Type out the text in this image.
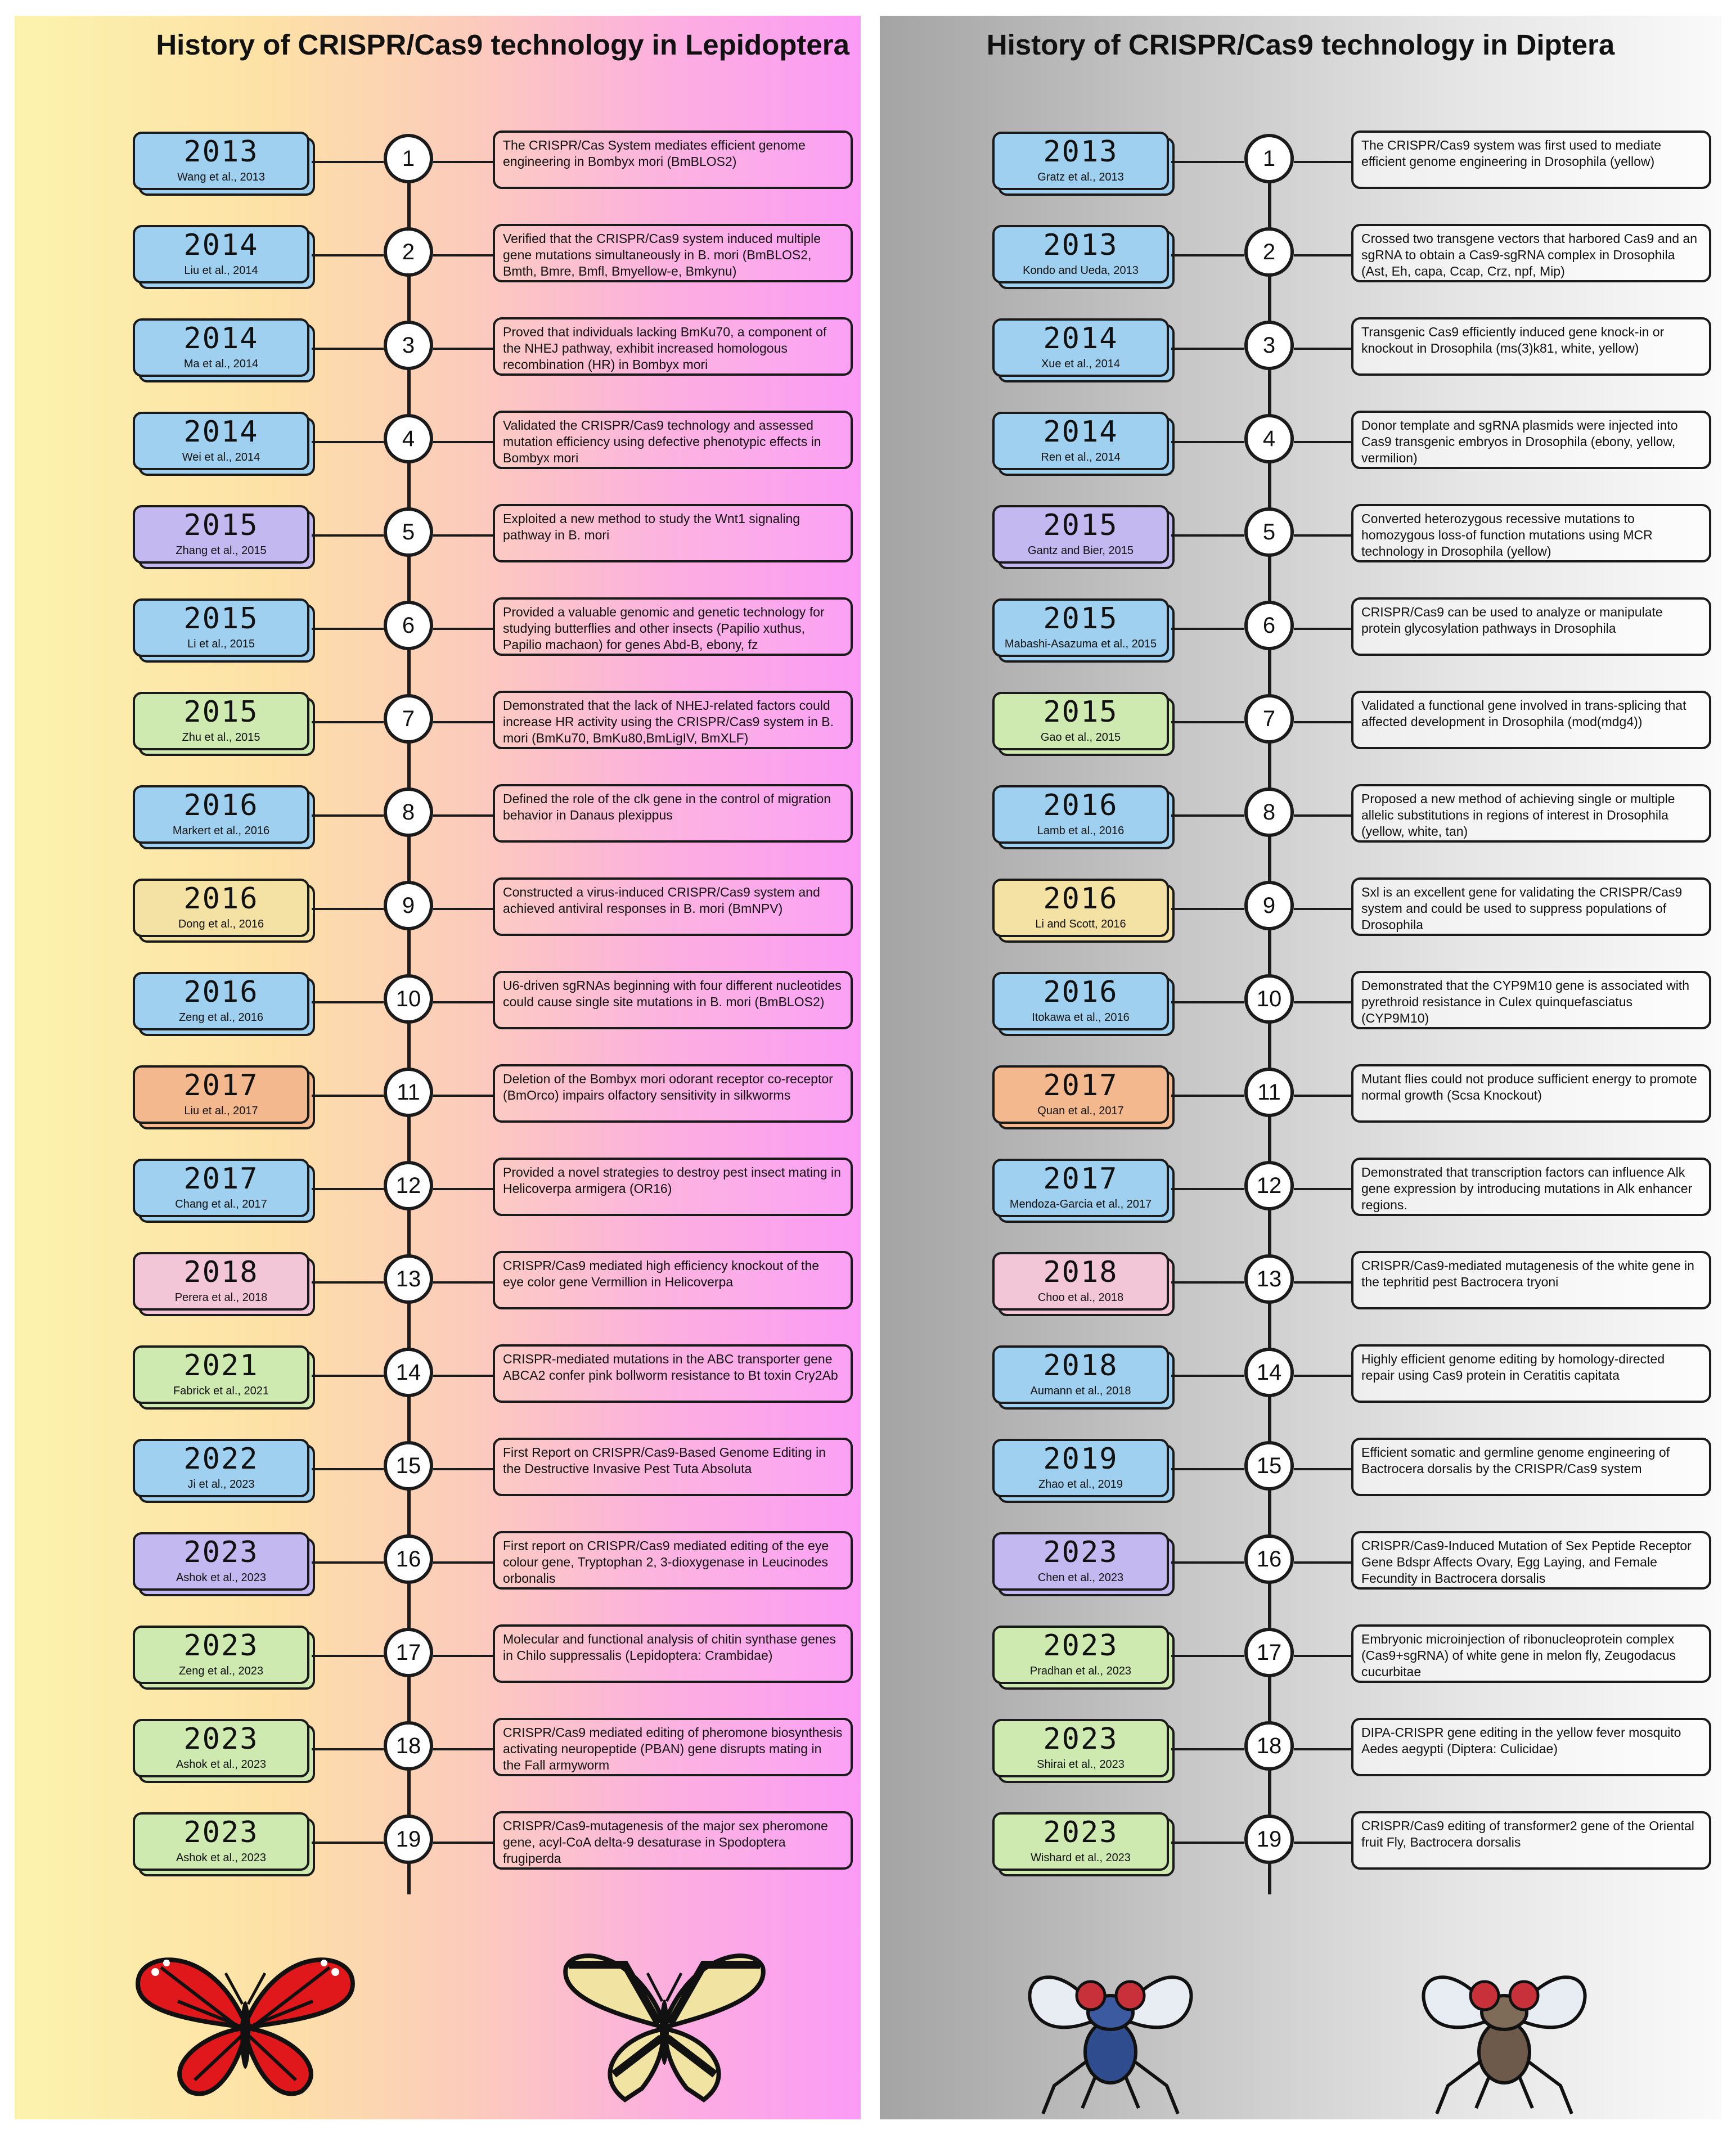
History of CRISPR/Cas9 technology in Lepidoptera
2013
Wang et al., 2013
1
The CRISPR/Cas System mediates efficient genome engineering in Bombyx mori (BmBLOS2)
2014
Liu et al., 2014
2
Verified that the CRISPR/Cas9 system induced multiple gene mutations simultaneously in B. mori (BmBLOS2, Bmth, Bmre, Bmfl, Bmyellow-e, Bmkynu)
2014
Ma et al., 2014
3
Proved that individuals lacking BmKu70, a component of the NHEJ pathway, exhibit increased homologous recombination (HR) in Bombyx mori
2014
Wei et al., 2014
4
Validated the CRISPR/Cas9 technology and assessed mutation efficiency using defective phenotypic effects in Bombyx mori
2015
Zhang et al., 2015
5
Exploited a new method to study the Wnt1 signaling pathway in B. mori
2015
Li et al., 2015
6
Provided a valuable genomic and genetic technology for studying butterflies and other insects (Papilio xuthus, Papilio machaon) for genes Abd-B, ebony, fz
2015
Zhu et al., 2015
7
Demonstrated that the lack of NHEJ-related factors could increase HR activity using the CRISPR/Cas9 system in B. mori (BmKu70, BmKu80,BmLigIV, BmXLF)
2016
Markert et al., 2016
8
Defined the role of the clk gene in the control of migration behavior in Danaus plexippus
2016
Dong et al., 2016
9
Constructed a virus-induced CRISPR/Cas9 system and achieved antiviral responses in B. mori (BmNPV)
2016
Zeng et al., 2016
10
U6-driven sgRNAs beginning with four different nucleotides could cause single site mutations in B. mori (BmBLOS2)
2017
Liu et al., 2017
11
Deletion of the Bombyx mori odorant receptor co-receptor (BmOrco) impairs olfactory sensitivity in silkworms
2017
Chang et al., 2017
12
Provided a novel strategies to destroy pest insect mating in Helicoverpa armigera (OR16)
2018
Perera et al., 2018
13
CRISPR/Cas9 mediated high efficiency knockout of the eye color gene Vermillion in Helicoverpa
2021
Fabrick et al., 2021
14
CRISPR-mediated mutations in the ABC transporter gene ABCA2 confer pink bollworm resistance to Bt toxin Cry2Ab
2022
Ji et al., 2023
15
First Report on CRISPR/Cas9-Based Genome Editing in the Destructive Invasive Pest Tuta Absoluta
2023
Ashok et al., 2023
16
First report on CRISPR/Cas9 mediated editing of the eye colour gene, Tryptophan 2, 3-dioxygenase in Leucinodes orbonalis
2023
Zeng et al., 2023
17
Molecular and functional analysis of chitin synthase genes in Chilo suppressalis (Lepidoptera: Crambidae)
2023
Ashok et al., 2023
18
CRISPR/Cas9 mediated editing of pheromone biosynthesis activating neuropeptide (PBAN) gene disrupts mating in the Fall armyworm
2023
Ashok et al., 2023
19
CRISPR/Cas9-mutagenesis of the major sex pheromone gene, acyl-CoA delta-9 desaturase in Spodoptera frugiperda
History of CRISPR/Cas9 technology in Diptera
2013
Gratz et al., 2013
1
The CRISPR/Cas9 system was first used to mediate efficient genome engineering in Drosophila (yellow)
2013
Kondo and Ueda, 2013
2
Crossed two transgene vectors that harbored Cas9 and an sgRNA to obtain a Cas9-sgRNA complex in Drosophila (Ast, Eh, capa, Ccap, Crz, npf, Mip)
2014
Xue et al., 2014
3
Transgenic Cas9 efficiently induced gene knock-in or knockout in Drosophila (ms(3)k81, white, yellow)
2014
Ren et al., 2014
4
Donor template and sgRNA plasmids were injected into Cas9 transgenic embryos in Drosophila (ebony, yellow, vermilion)
2015
Gantz and Bier, 2015
5
Converted heterozygous recessive mutations to homozygous loss-of function mutations using MCR technology in Drosophila (yellow)
2015
Mabashi-Asazuma et al., 2015
6
CRISPR/Cas9 can be used to analyze or manipulate protein glycosylation pathways in Drosophila
2015
Gao et al., 2015
7
Validated a functional gene involved in trans-splicing that affected development in Drosophila (mod(mdg4))
2016
Lamb et al., 2016
8
Proposed a new method of achieving single or multiple allelic substitutions in regions of interest in Drosophila (yellow, white, tan)
2016
Li and Scott, 2016
9
Sxl is an excellent gene for validating the CRISPR/Cas9 system and could be used to suppress populations of Drosophila
2016
Itokawa et al., 2016
10
Demonstrated that the CYP9M10 gene is associated with pyrethroid resistance in Culex quinquefasciatus (CYP9M10)
2017
Quan et al., 2017
11
Mutant flies could not produce sufficient energy to promote normal growth (Scsa Knockout)
2017
Mendoza-Garcia et al., 2017
12
Demonstrated that transcription factors can influence Alk gene expression by introducing mutations in Alk enhancer regions.
2018
Choo et al., 2018
13
CRISPR/Cas9-mediated mutagenesis of the white gene in the tephritid pest Bactrocera tryoni
2018
Aumann et al., 2018
14
Highly efficient genome editing by homology-directed repair using Cas9 protein in Ceratitis capitata
2019
Zhao et al., 2019
15
Efficient somatic and germline genome engineering of Bactrocera dorsalis by the CRISPR/Cas9 system
2023
Chen et al., 2023
16
CRISPR/Cas9-Induced Mutation of Sex Peptide Receptor Gene Bdspr Affects Ovary, Egg Laying, and Female Fecundity in Bactrocera dorsalis
2023
Pradhan et al., 2023
17
Embryonic microinjection of ribonucleoprotein complex (Cas9+sgRNA) of white gene in melon fly, Zeugodacus cucurbitae
2023
Shirai et al., 2023
18
DIPA-CRISPR gene editing in the yellow fever mosquito Aedes aegypti (Diptera: Culicidae)
2023
Wishard et al., 2023
19
CRISPR/Cas9 editing of transformer2 gene of the Oriental fruit Fly, Bactrocera dorsalis
